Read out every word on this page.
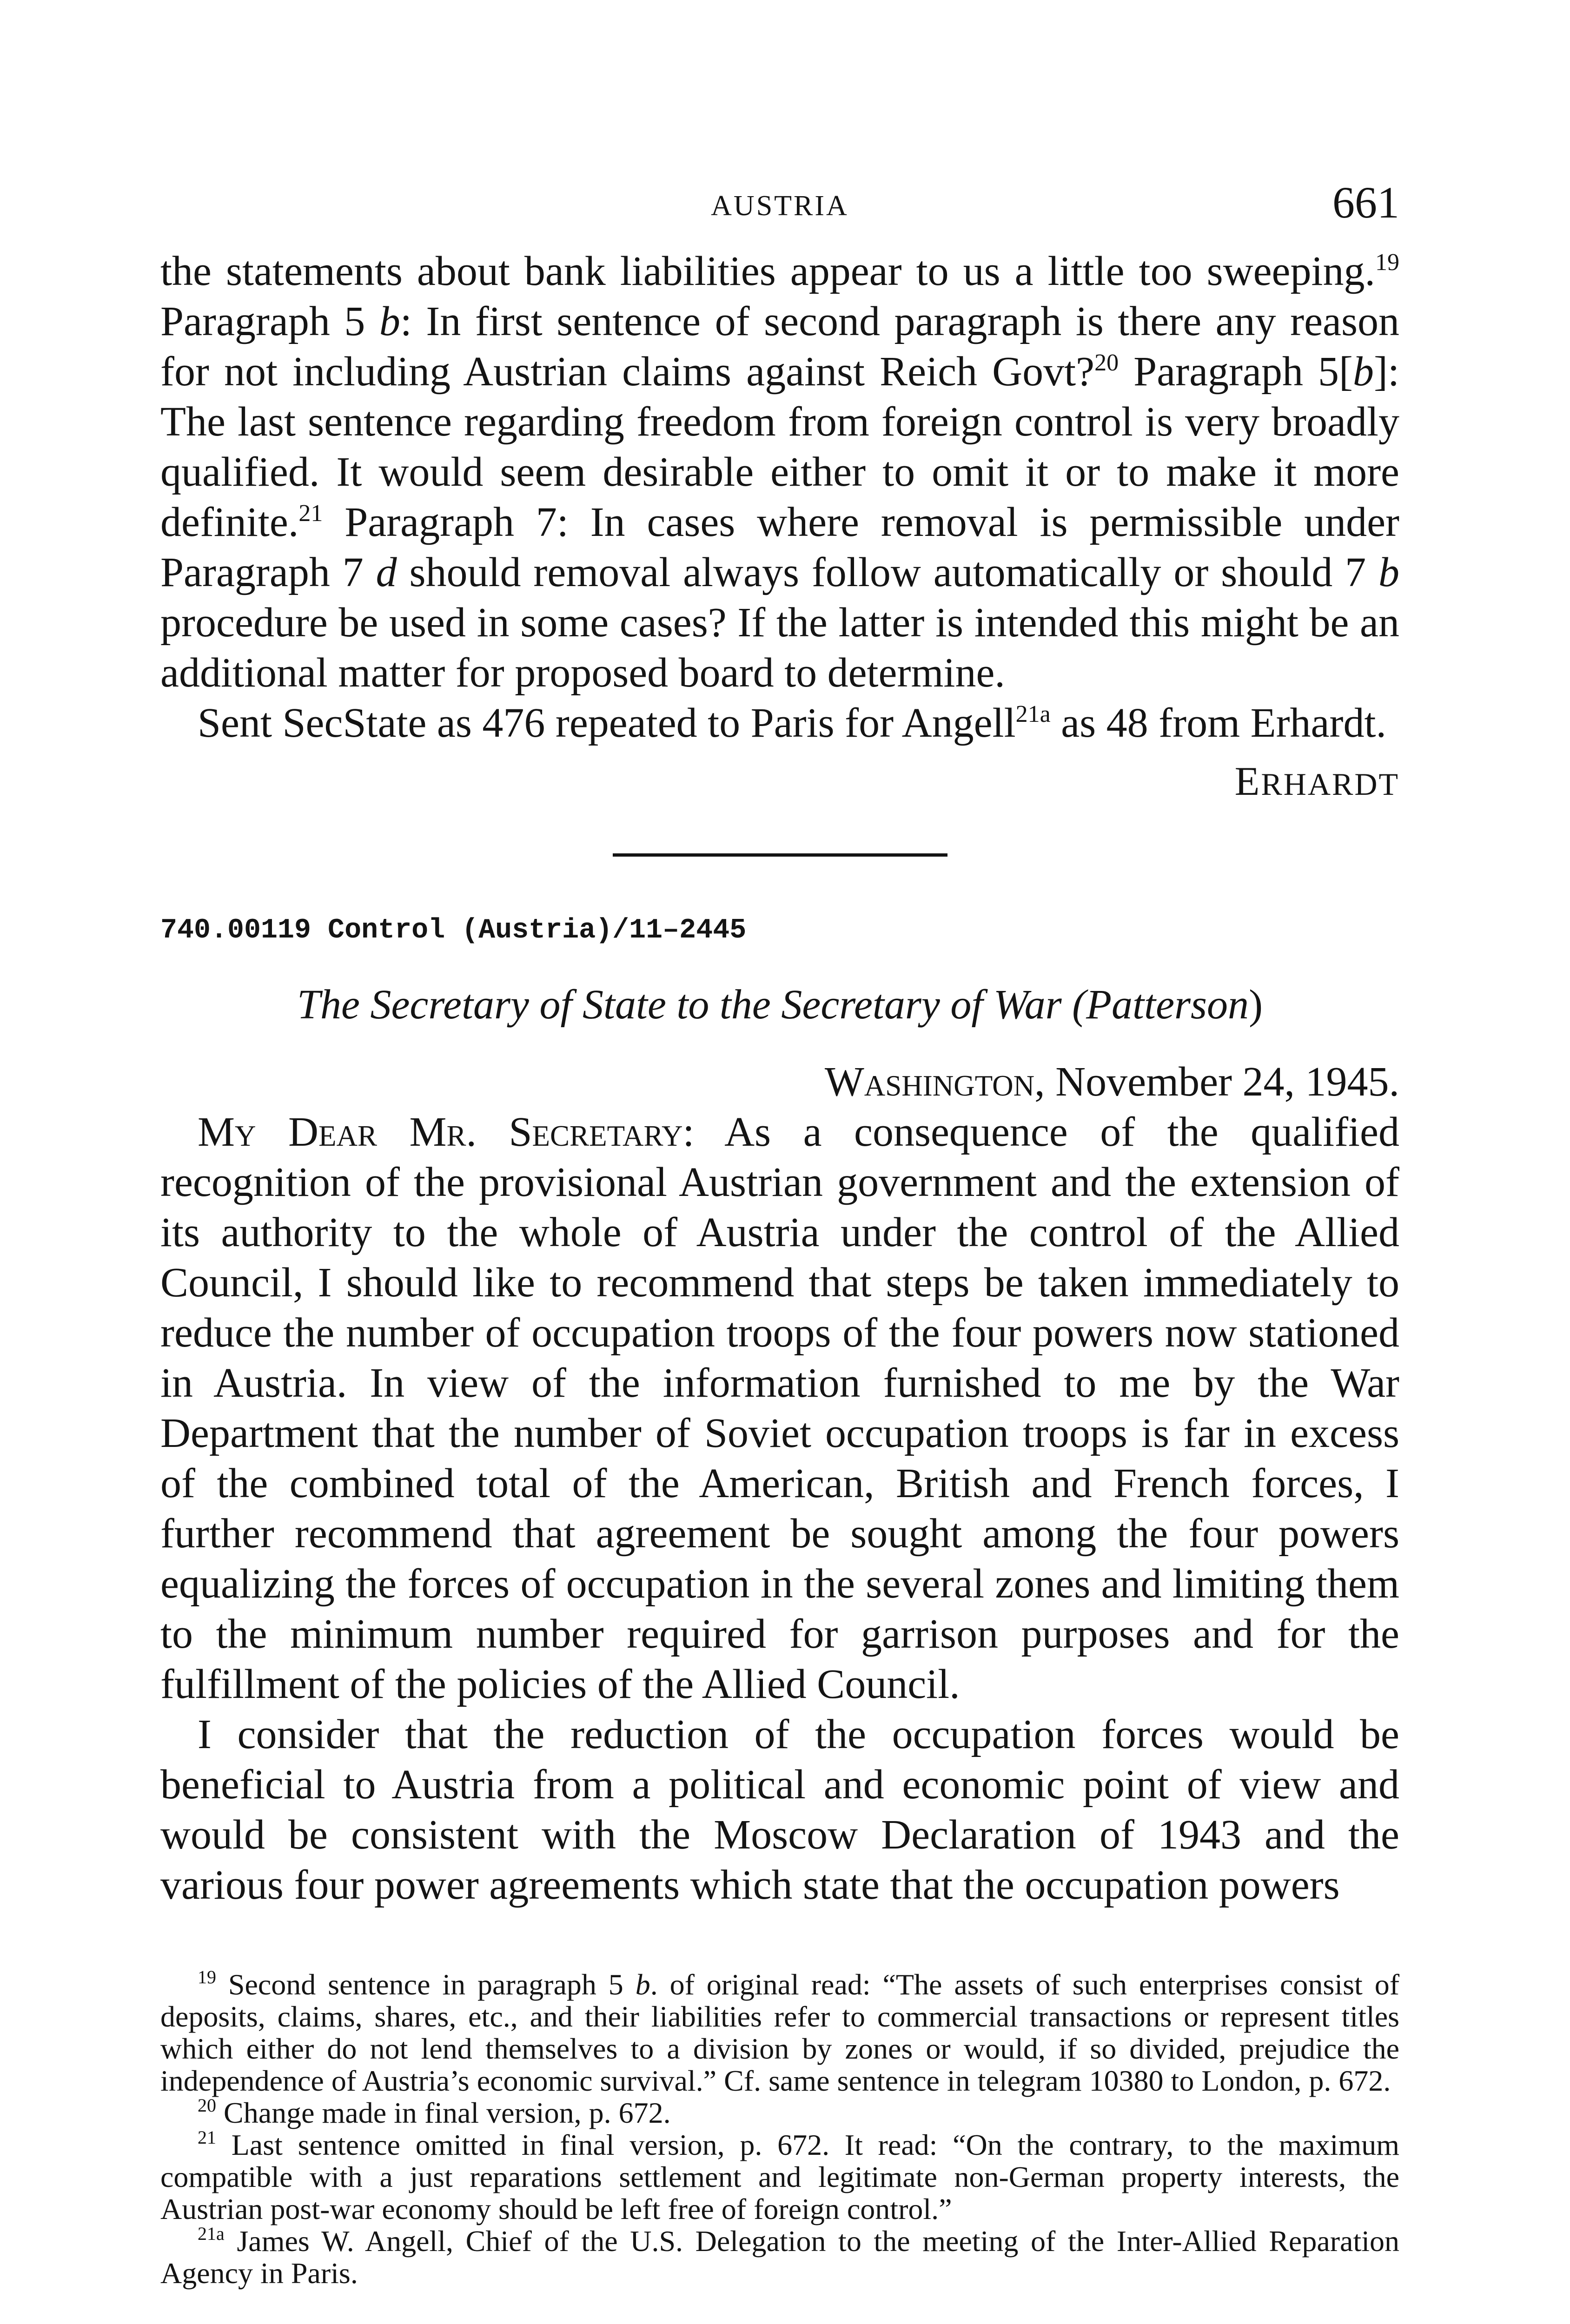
AUSTRIA	661

the statements about bank liabilities appear to us a little too sweeping.$^{19}$ Paragraph 5 b: In first sentence of second paragraph is there any reason for not including Austrian claims against Reich Govt?$^{20}$ Paragraph 5[b]: The last sentence regarding freedom from foreign control is very broadly qualified. It would seem desirable either to omit it or to make it more definite.$^{21}$ Paragraph 7: In cases where removal is permissible under Paragraph 7 d should removal always follow automatically or should 7 b procedure be used in some cases? If the latter is intended this might be an additional matter for proposed board to determine.

Sent SecState as 476 repeated to Paris for Angell$^{21a}$ as 48 from Erhardt.

ERHARDT
740.00119 Control (Austria)/11–2445
The Secretary of State to the Secretary of War (Patterson)
Washington, November 24, 1945.

My Dear Mr. Secretary: As a consequence of the qualified recognition of the provisional Austrian government and the extension of its authority to the whole of Austria under the control of the Allied Council, I should like to recommend that steps be taken immediately to reduce the number of occupation troops of the four powers now stationed in Austria. In view of the information furnished to me by the War Department that the number of Soviet occupation troops is far in excess of the combined total of the American, British and French forces, I further recommend that agreement be sought among the four powers equalizing the forces of occupation in the several zones and limiting them to the minimum number required for garrison purposes and for the fulfillment of the policies of the Allied Council.

I consider that the reduction of the occupation forces would be beneficial to Austria from a political and economic point of view and would be consistent with the Moscow Declaration of 1943 and the various four power agreements which state that the occupation powers

$^{19}$ Second sentence in paragraph 5 b. of original read: “The assets of such enterprises consist of deposits, claims, shares, etc., and their liabilities refer to commercial transactions or represent titles which either do not lend themselves to a division by zones or would, if so divided, prejudice the independence of Austria’s economic survival.” Cf. same sentence in telegram 10380 to London, p. 672.

$^{20}$ Change made in final version, p. 672.

$^{21}$ Last sentence omitted in final version, p. 672. It read: “On the contrary, to the maximum compatible with a just reparations settlement and legitimate non-German property interests, the Austrian post-war economy should be left free of foreign control.”

$^{21a}$ James W. Angell, Chief of the U.S. Delegation to the meeting of the Inter-Allied Reparation Agency in Paris.
